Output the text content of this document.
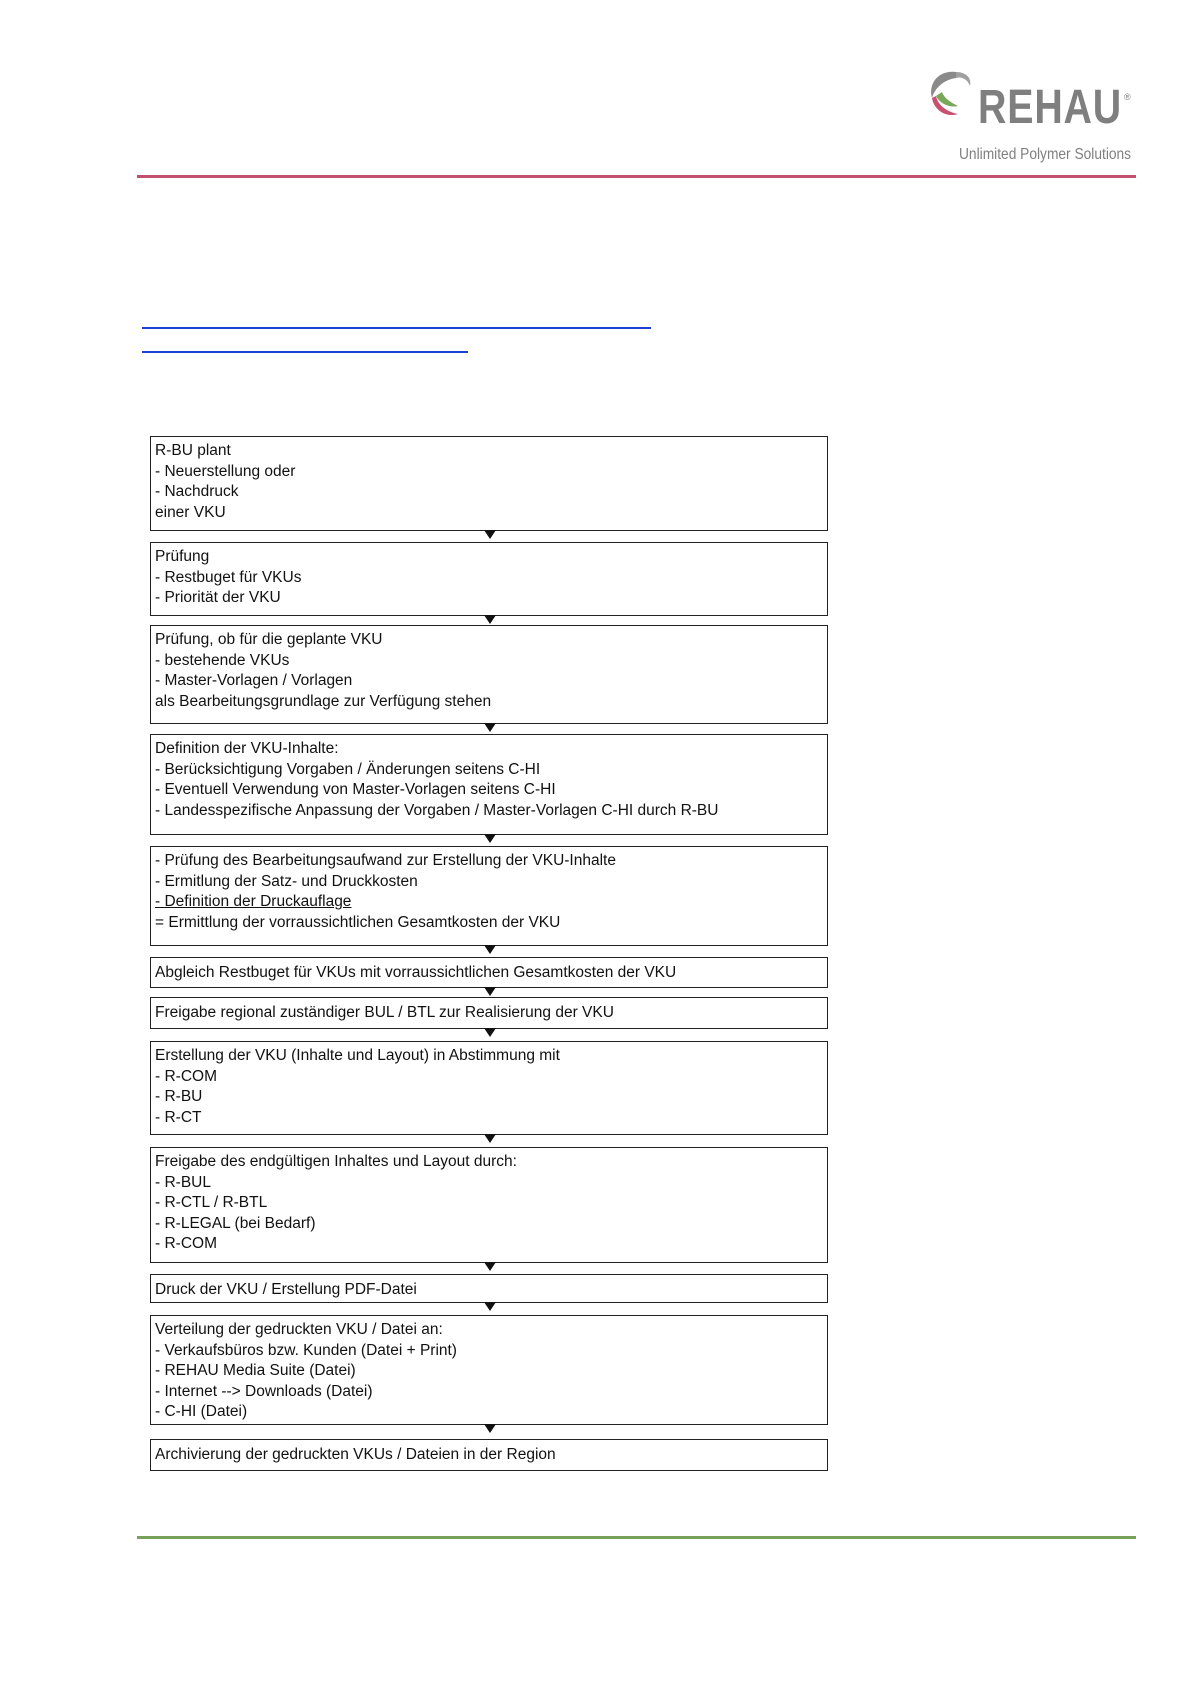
REHAU ®
Unlimited Polymer Solutions
R-BU plant
- Neuerstellung oder
- Nachdruck
einer VKU
Prüfung
- Restbuget für VKUs
- Priorität der VKU
Prüfung, ob für die geplante VKU
- bestehende VKUs
- Master-Vorlagen / Vorlagen
als Bearbeitungsgrundlage zur Verfügung stehen
Definition der VKU-Inhalte:
- Berücksichtigung Vorgaben / Änderungen seitens C-HI
- Eventuell Verwendung von Master-Vorlagen seitens C-HI
- Landesspezifische Anpassung der Vorgaben / Master-Vorlagen C-HI durch R-BU
- Prüfung des Bearbeitungsaufwand zur Erstellung der VKU-Inhalte
- Ermitlung der Satz- und Druckkosten
- Definition der Druckauflage
= Ermittlung der vorraussichtlichen Gesamtkosten der VKU
Abgleich Restbuget für VKUs mit vorraussichtlichen Gesamtkosten der VKU
Freigabe regional zuständiger BUL / BTL zur Realisierung der VKU
Erstellung der VKU (Inhalte und Layout) in Abstimmung mit
- R-COM
- R-BU
- R-CT
Freigabe des endgültigen Inhaltes und Layout durch:
- R-BUL
- R-CTL / R-BTL
- R-LEGAL (bei Bedarf)
- R-COM
Druck der VKU / Erstellung PDF-Datei
Verteilung der gedruckten VKU / Datei an:
- Verkaufsbüros bzw. Kunden (Datei + Print)
- REHAU Media Suite (Datei)
- Internet --> Downloads (Datei)
- C-HI (Datei)
Archivierung der gedruckten VKUs / Dateien in der Region
